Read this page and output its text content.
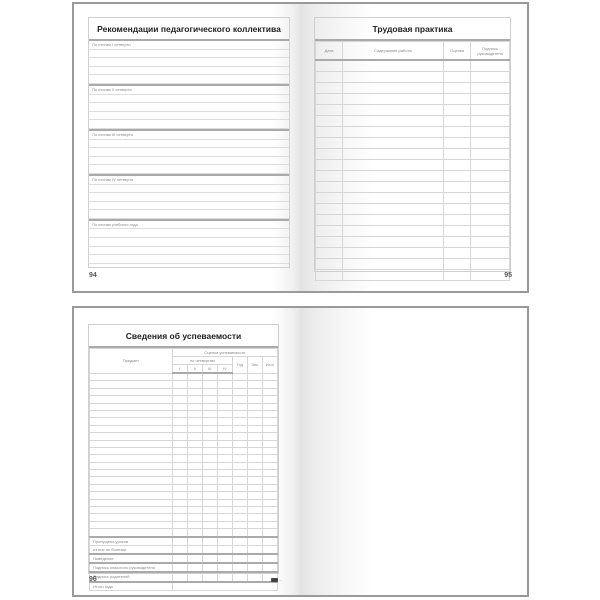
Рекомендации педагогического коллектива
По итогам I четверти
По итогам II четверти
По итогам III четверти
По итогам IV четверти
По итогам учебного года
94
Трудовая практика
Дата	Содержание работы	Оценка	Подпись руководителя

95
Сведения об успеваемости
Предмет	Оценка успеваемости						
	по четвертям				Год	Экз.	Итог
	I	II	III	IV			

Пропущено уроков							
из них по болезни							
Поведение							
Подпись классного руководителя							
Подпись родителей							
Итоги года							
96	—
